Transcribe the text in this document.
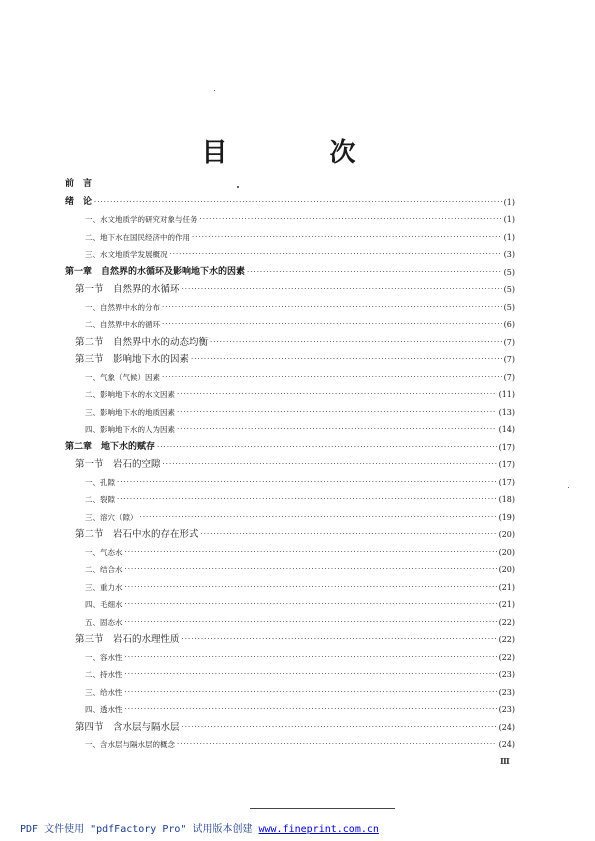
目　次
前　言
绪　论 ·····	(1)
一、水文地质学的研究对象与任务 ·····	(1)
二、地下水在国民经济中的作用 ·····	(1)
三、水文地质学发展概况 ·····	(3)
第一章　自然界的水循环及影响地下水的因素 ·····	(5)
第一节　自然界的水循环 ·····	(5)
一、自然界中水的分布 ·····	(5)
二、自然界中水的循环 ·····	(6)
第二节　自然界中水的动态均衡 ·····	(7)
第三节　影响地下水的因素 ·····	(7)
一、气象（气候）因素 ·····	(7)
二、影响地下水的水文因素 ·····	(11)
三、影响地下水的地质因素 ·····	(13)
四、影响地下水的人为因素 ·····	(14)
第二章　地下水的赋存 ·····	(17)
第一节　岩石的空隙 ·····	(17)
一、孔隙 ·····	(17)
二、裂隙 ·····	(18)
三、溶穴（隙） ·····	(19)
第二节　岩石中水的存在形式 ·····	(20)
一、气态水 ·····	(20)
二、结合水 ·····	(20)
三、重力水 ·····	(21)
四、毛细水 ·····	(21)
五、固态水 ·····	(22)
第三节　岩石的水理性质 ·····	(22)
一、容水性 ·····	(22)
二、持水性 ·····	(23)
三、给水性 ·····	(23)
四、透水性 ·····	(23)
第四节　含水层与隔水层 ·····	(24)
一、含水层与隔水层的概念 ·····	(24)
Ⅲ
PDF 文件使用 "pdfFactory Pro" 试用版本创建 www.fineprint.com.cn
